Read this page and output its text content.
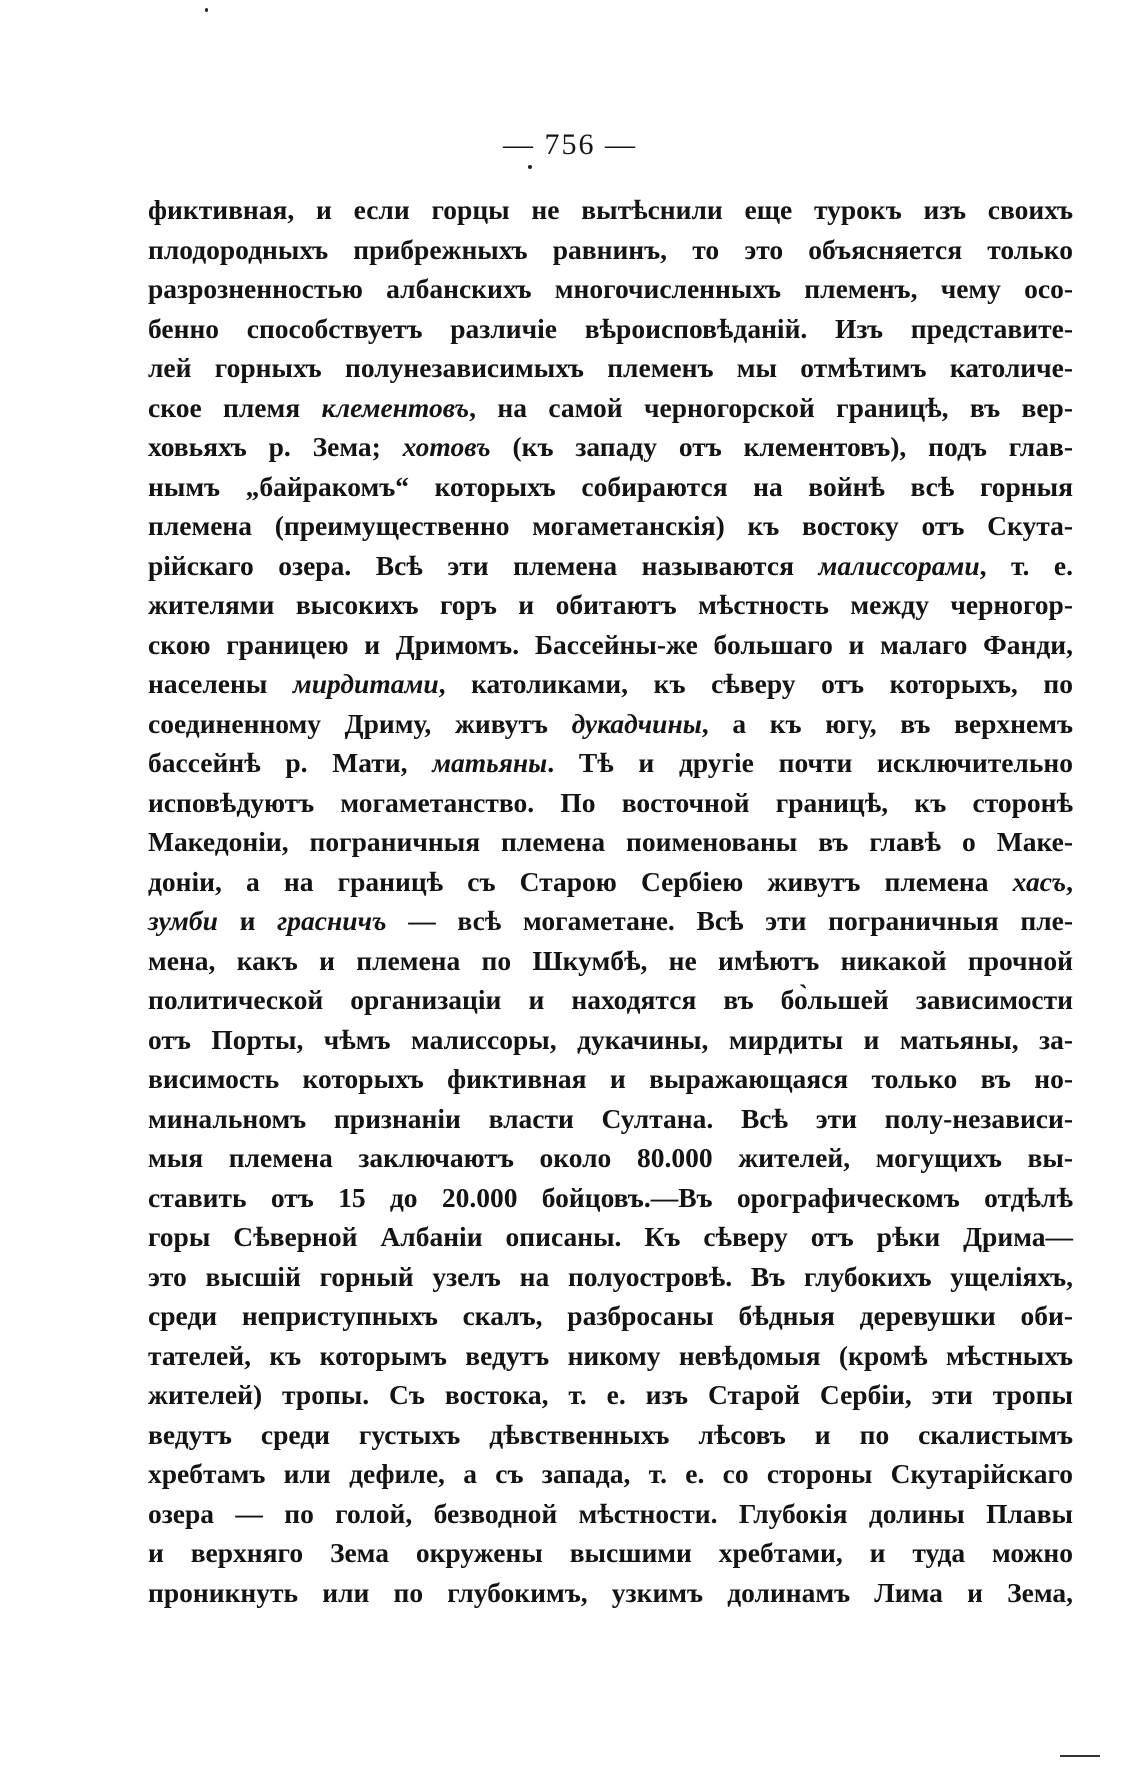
— 756 —
фиктивная, и если горцы не вытѣснили еще турокъ изъ своихъ
плодородныхъ прибрежныхъ равнинъ, то это объясняется только
разрозненностью албанскихъ многочисленныхъ племенъ, чему осо-
бенно способствуетъ различіе вѣроисповѣданій. Изъ представите-
лей горныхъ полунезависимыхъ племенъ мы отмѣтимъ католиче-
ское племя клементовъ, на самой черногорской границѣ, въ вер-
ховьяхъ р. Зема; хотовъ (къ западу отъ клементовъ), подъ глав-
нымъ „байракомъ“ которыхъ собираются на войнѣ всѣ горныя
племена (преимущественно могаметанскія) къ востоку отъ Скута-
рійскаго озера. Всѣ эти племена называются малиссорами, т. е.
жителями высокихъ горъ и обитаютъ мѣстность между черногор-
скою границею и Дримомъ. Бассейны-же большаго и малаго Фанди,
населены мирдитами, католиками, къ сѣверу отъ которыхъ, по
соединенному Дриму, живутъ дукадчины, а къ югу, въ верхнемъ
бассейнѣ р. Мати, матьяны. Тѣ и другіе почти исключительно
исповѣдуютъ могаметанство. По восточной границѣ, къ сторонѣ
Македоніи, пограничныя племена поименованы въ главѣ о Маке-
доніи, а на границѣ съ Старою Сербіею живутъ племена хасъ,
зумби и грасничъ — всѣ могаметане. Всѣ эти пограничныя пле-
мена, какъ и племена по Шкумбѣ, не имѣютъ никакой прочной
политической организаціи и находятся въ бо̀льшей зависимости
отъ Порты, чѣмъ малиссоры, дукачины, мирдиты и матьяны, за-
висимость которыхъ фиктивная и выражающаяся только въ но-
минальномъ признаніи власти Султана. Всѣ эти полу-независи-
мыя племена заключаютъ около 80.000 жителей, могущихъ вы-
ставить отъ 15 до 20.000 бойцовъ.—Въ орографическомъ отдѣлѣ
горы Сѣверной Албаніи описаны. Къ сѣверу отъ рѣки Дрима—
это высшій горный узелъ на полуостровѣ. Въ глубокихъ ущеліяхъ,
среди неприступныхъ скалъ, разбросаны бѣдныя деревушки оби-
тателей, къ которымъ ведутъ никому невѣдомыя (кромѣ мѣстныхъ
жителей) тропы. Съ востока, т. е. изъ Старой Сербіи, эти тропы
ведутъ среди густыхъ дѣвственныхъ лѣсовъ и по скалистымъ
хребтамъ или дефиле, а съ запада, т. е. со стороны Скутарійскаго
озера — по голой, безводной мѣстности. Глубокія долины Плавы
и верхняго Зема окружены высшими хребтами, и туда можно
проникнуть или по глубокимъ, узкимъ долинамъ Лима и Зема,
